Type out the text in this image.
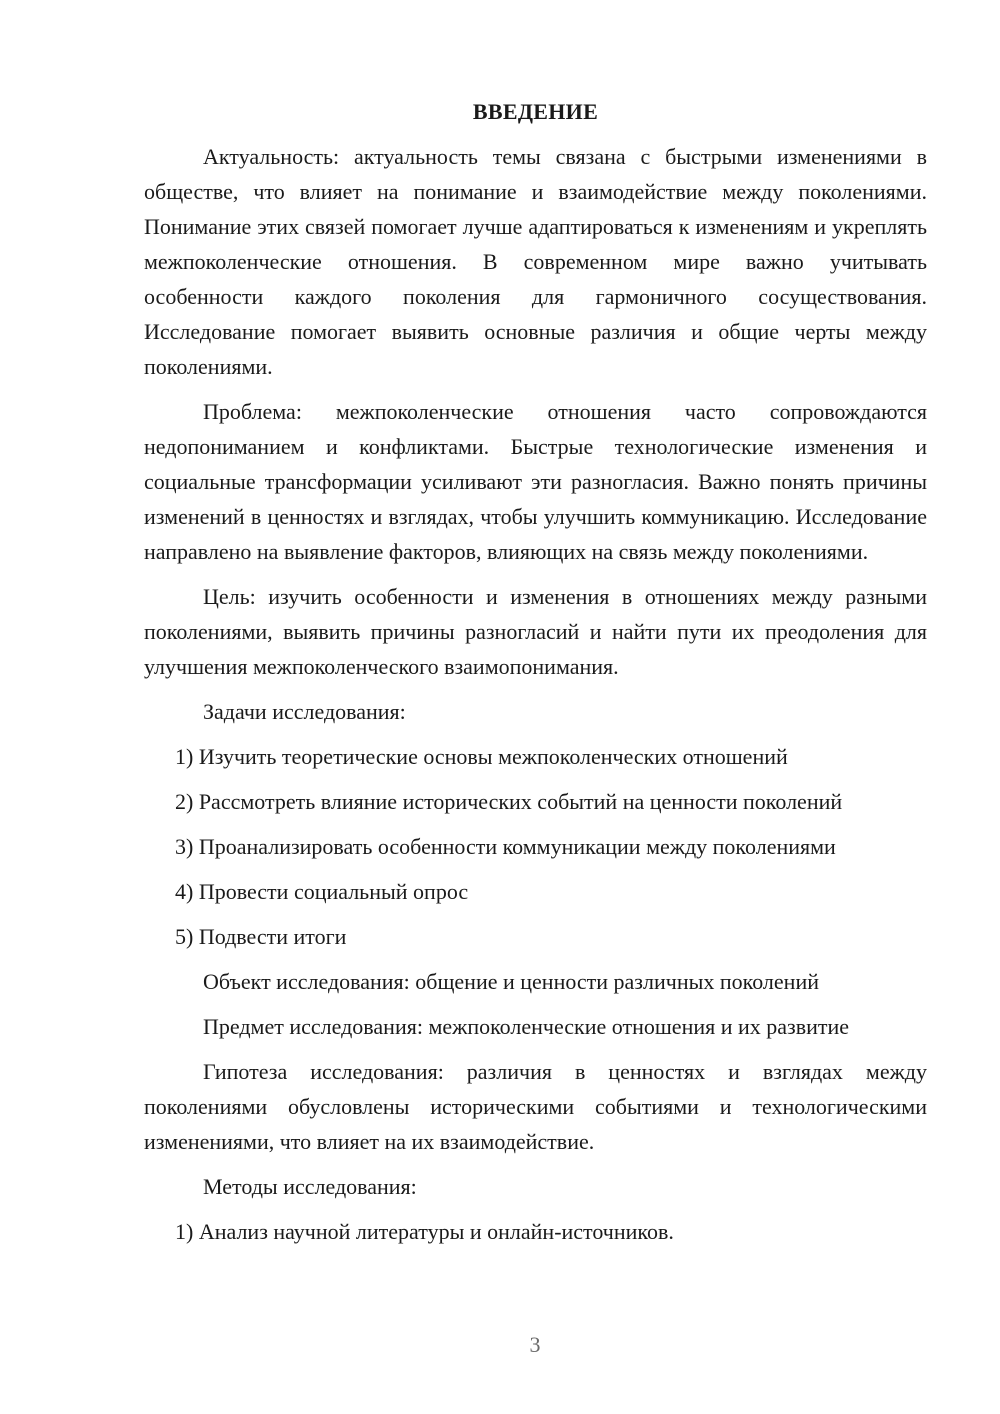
ВВЕДЕНИЕ

Актуальность: актуальность темы связана с быстрыми изменениями в обществе, что влияет на понимание и взаимодействие между поколениями. Понимание этих связей помогает лучше адаптироваться к изменениям и укреплять межпоколенческие отношения. В современном мире важно учитывать особенности каждого поколения для гармоничного сосуществования. Исследование помогает выявить основные различия и общие черты между поколениями.

Проблема: межпоколенческие отношения часто сопровождаются недопониманием и конфликтами. Быстрые технологические изменения и социальные трансформации усиливают эти разногласия. Важно понять причины изменений в ценностях и взглядах, чтобы улучшить коммуникацию. Исследование направлено на выявление факторов, влияющих на связь между поколениями.

Цель: изучить особенности и изменения в отношениях между разными поколениями, выявить причины разногласий и найти пути их преодоления для улучшения межпоколенческого взаимопонимания.

Задачи исследования:

1) Изучить теоретические основы межпоколенческих отношений

2) Рассмотреть влияние исторических событий на ценности поколений

3) Проанализировать особенности коммуникации между поколениями

4) Провести социальный опрос

5) Подвести итоги

Объект исследования: общение и ценности различных поколений

Предмет исследования: межпоколенческие отношения и их развитие

Гипотеза исследования: различия в ценностях и взглядах между поколениями обусловлены историческими событиями и технологическими изменениями, что влияет на их взаимодействие.

Методы исследования:

1) Анализ научной литературы и онлайн-источников.

3
